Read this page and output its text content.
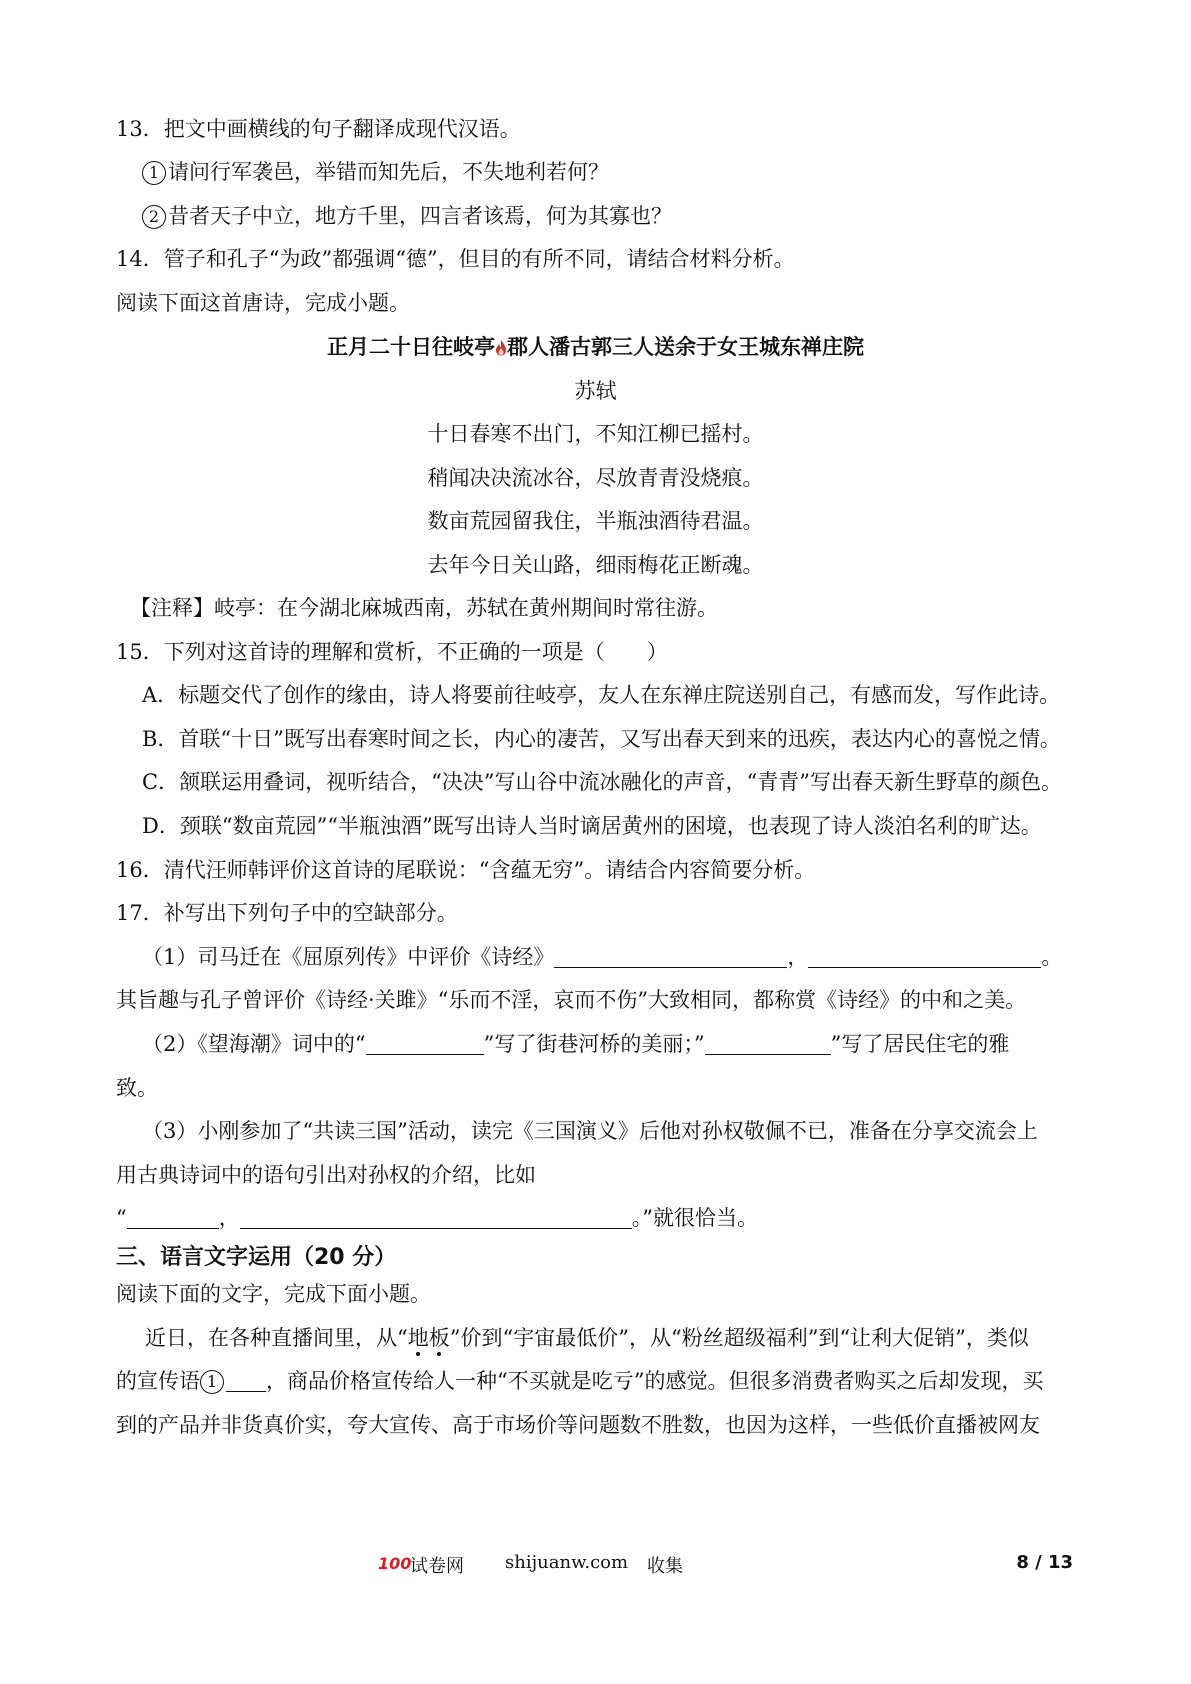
13．把文中画横线的句子翻译成现代汉语。
1 请问行军袭邑，举错而知先后，不失地利若何？
2 昔者天子中立，地方千里，四言者该焉，何为其寡也？
14．管子和孔子“为政”都强调“德”，但目的有所不同，请结合材料分析。
阅读下面这首唐诗，完成小题。
正月二十日往岐亭 郡人潘古郭三人送余于女王城东禅庄院
苏轼
十日春寒不出门，不知江柳已摇村。
稍闻决决流冰谷，尽放青青没烧痕。
数亩荒园留我住，半瓶浊酒待君温。
去年今日关山路，细雨梅花正断魂。
【注释】岐亭：在今湖北麻城西南，苏轼在黄州期间时常往游。
15．下列对这首诗的理解和赏析，不正确的一项是（　　）
A．标题交代了创作的缘由，诗人将要前往岐亭，友人在东禅庄院送别自己，有感而发，写作此诗。
B．首联“十日”既写出春寒时间之长，内心的凄苦，又写出春天到来的迅疾，表达内心的喜悦之情。
C．颔联运用叠词，视听结合，“决决”写山谷中流冰融化的声音，“青青”写出春天新生野草的颜色。
D．颈联“数亩荒园”“半瓶浊酒”既写出诗人当时谪居黄州的困境，也表现了诗人淡泊名利的旷达。
16．清代汪师韩评价这首诗的尾联说：“含蕴无穷”。请结合内容简要分析。
17．补写出下列句子中的空缺部分。
（1）司马迁在《屈原列传》中评价《诗经》	，	。
其旨趣与孔子曾评价《诗经·关雎》“乐而不淫，哀而不伤”大致相同，都称赏《诗经》的中和之美。
（2）《望海潮》词中的“	”写了街巷河桥的美丽；”	”写了居民住宅的雅
致。
（3）小刚参加了“共读三国”活动，读完《三国演义》后他对孙权敬佩不已，准备在分享交流会上
用古典诗词中的语句引出对孙权的介绍，比如
“	，	。”就很恰当。
三、语言文字运用（20 分）
阅读下面的文字，完成下面小题。
近日，在各种直播间里，从“地板”价到“宇宙最低价”，从“粉丝超级福利”到“让利大促销”，类似
的宣传语 1 ，商品价格宣传给人一种“不买就是吃亏”的感觉。但很多消费者购买之后却发现，买
到的产品并非货真价实，夸大宣传、高于市场价等问题数不胜数，也因为这样，一些低价直播被网友
100
试卷网 shijuanw.com 收集	8 / 13
